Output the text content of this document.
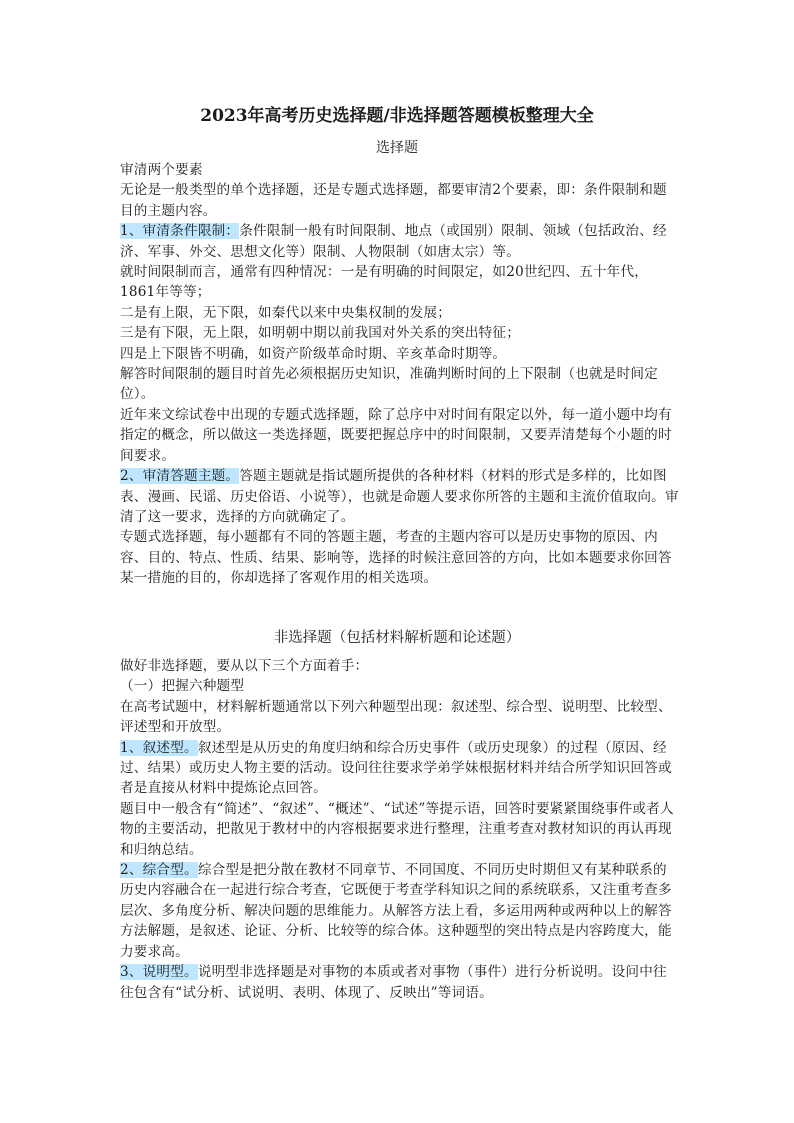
2023年高考历史选择题/非选择题答题模板整理大全
选择题

审清两个要素

无论是一般类型的单个选择题，还是专题式选择题，都要审清2个要素，即：条件限制和题目的主题内容。

1、审清条件限制：条件限制一般有时间限制、地点（或国别）限制、领域（包括政治、经济、军事、外交、思想文化等）限制、人物限制（如唐太宗）等。

就时间限制而言，通常有四种情况：一是有明确的时间限定，如20世纪四、五十年代，1861年等等；

二是有上限，无下限，如秦代以来中央集权制的发展；

三是有下限，无上限，如明朝中期以前我国对外关系的突出特征；

四是上下限皆不明确，如资产阶级革命时期、辛亥革命时期等。

解答时间限制的题目时首先必须根据历史知识，准确判断时间的上下限制（也就是时间定位）。

近年来文综试卷中出现的专题式选择题，除了总序中对时间有限定以外，每一道小题中均有指定的概念，所以做这一类选择题，既要把握总序中的时间限制，又要弄清楚每个小题的时间要求。

2、审清答题主题。答题主题就是指试题所提供的各种材料（材料的形式是多样的，比如图表、漫画、民谣、历史俗语、小说等），也就是命题人要求你所答的主题和主流价值取向。审清了这一要求，选择的方向就确定了。

专题式选择题，每小题都有不同的答题主题，考查的主题内容可以是历史事物的原因、内容、目的、特点、性质、结果、影响等，选择的时候注意回答的方向，比如本题要求你回答某一措施的目的，你却选择了客观作用的相关选项。

非选择题（包括材料解析题和论述题）

做好非选择题，要从以下三个方面着手：

（一）把握六种题型

在高考试题中，材料解析题通常以下列六种题型出现：叙述型、综合型、说明型、比较型、评述型和开放型。

1、叙述型。叙述型是从历史的角度归纳和综合历史事件（或历史现象）的过程（原因、经过、结果）或历史人物主要的活动。设问往往要求学弟学妹根据材料并结合所学知识回答或者是直接从材料中提炼论点回答。

题目中一般含有“简述”、“叙述”、“概述”、“试述”等提示语，回答时要紧紧围绕事件或者人物的主要活动，把散见于教材中的内容根据要求进行整理，注重考查对教材知识的再认再现和归纳总结。

2、综合型。综合型是把分散在教材不同章节、不同国度、不同历史时期但又有某种联系的历史内容融合在一起进行综合考查，它既便于考查学科知识之间的系统联系，又注重考查多层次、多角度分析、解决问题的思维能力。从解答方法上看，多运用两种或两种以上的解答方法解题，是叙述、论证、分析、比较等的综合体。这种题型的突出特点是内容跨度大，能力要求高。

3、说明型。说明型非选择题是对事物的本质或者对事物（事件）进行分析说明。设问中往往包含有“试分析、试说明、表明、体现了、反映出”等词语。
